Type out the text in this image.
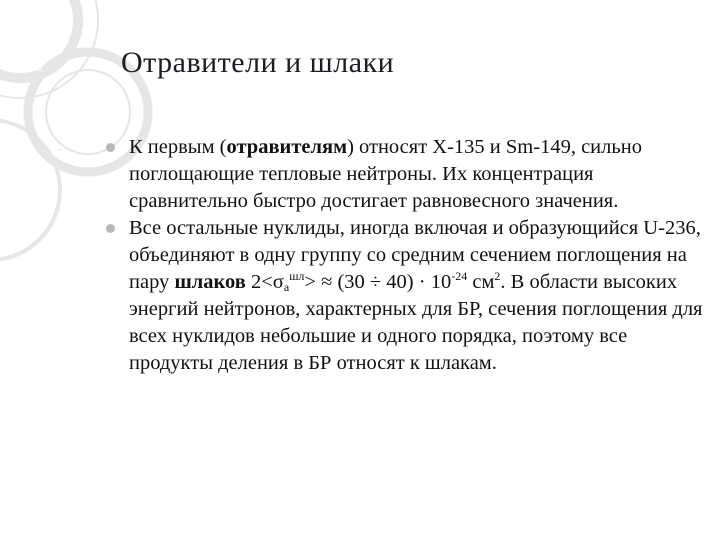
Отравители и шлаки
К первым (отравителям) относят X-135 и Sm-149, сильно поглощающие тепловые нейтроны. Их концентрация сравнительно быстро достигает равновесного значения.
Все остальные нуклиды, иногда включая и образующийся U-236, объединяют в одну группу со средним сечением поглощения на пару шлаков $2<\sigma_a^{шл}> \approx (30 \div 40) \cdot 10^{-24}$ $см^2$. В области высоких энергий нейтронов, характерных для БР, сечения поглощения для всех нуклидов небольшие и одного порядка, поэтому все продукты деления в БР относят к шлакам.
